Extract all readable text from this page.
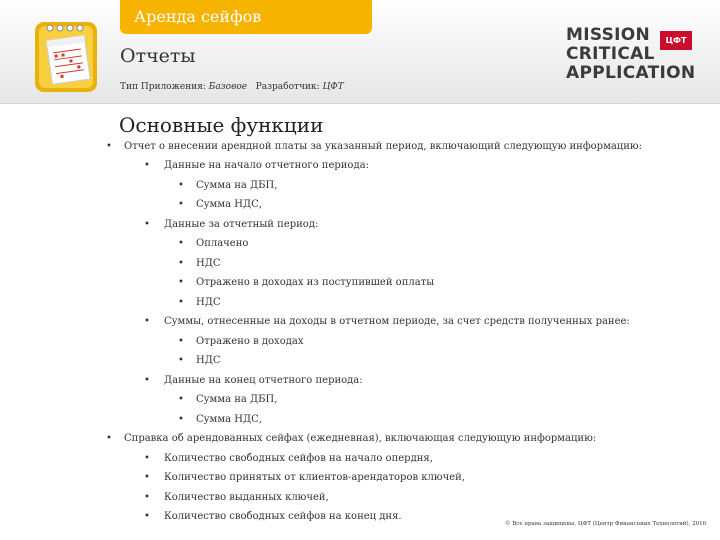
Аренда сейфов
Отчеты
Тип Приложения: Базовое Разработчик: ЦФТ
MISSION
CRITICAL
APPLICATION
ЦФТ
Основные функции
• Отчет о внесении арендной платы за указанный период, включающий следующую информацию:
• Данные на начало отчетного периода:
• Сумма на ДБП,
• Сумма НДС,
• Данные за отчетный период:
• Оплачено
• НДС
• Отражено в доходах из поступившей оплаты
• НДС
• Суммы, отнесенные на доходы в отчетном периоде, за счет средств полученных ранее:
• Отражено в доходах
• НДС
• Данные на конец отчетного периода:
• Сумма на ДБП,
• Сумма НДС,
• Справка об арендованных сейфах (ежедневная), включающая следующую информацию:
• Количество свободных сейфов на начало опердня,
• Количество принятых от клиентов-арендаторов ключей,
• Количество выданных ключей,
• Количество свободных сейфов на конец дня.
© Все права защищены, ЦФТ (Центр Финансовых Технологий), 2010
